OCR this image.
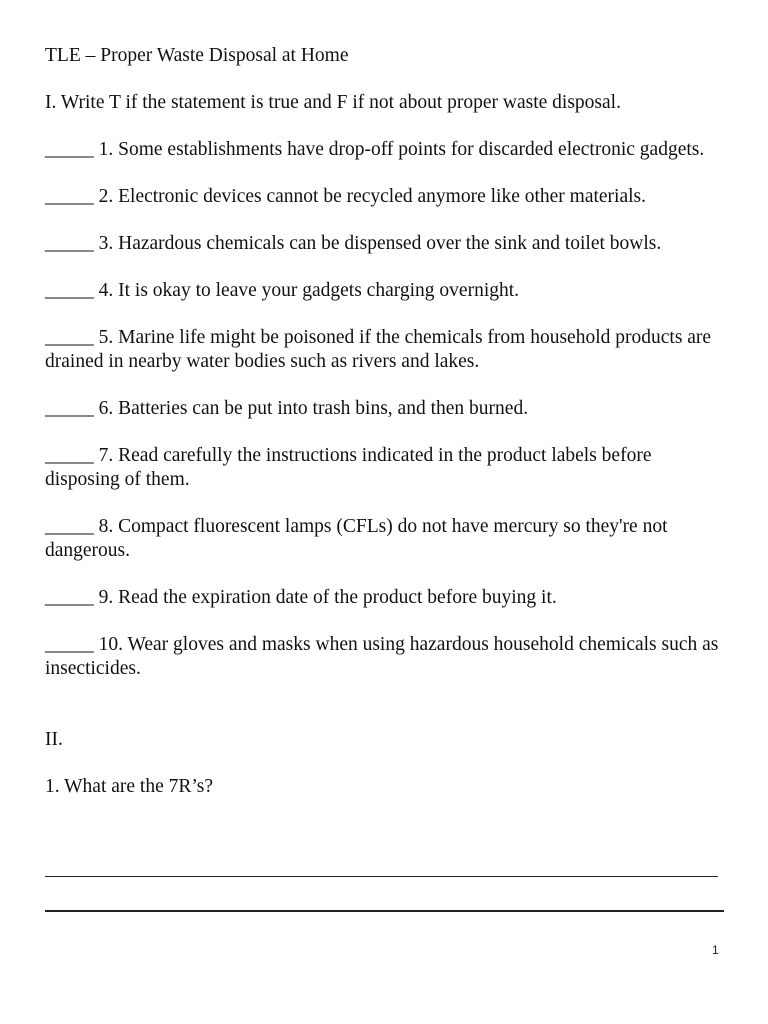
TLE – Proper Waste Disposal at Home

I. Write T if the statement is true and F if not about proper waste disposal.

_____ 1. Some establishments have drop-off points for discarded electronic gadgets.

_____ 2. Electronic devices cannot be recycled anymore like other materials.

_____ 3. Hazardous chemicals can be dispensed over the sink and toilet bowls.

_____ 4. It is okay to leave your gadgets charging overnight.

_____ 5. Marine life might be poisoned if the chemicals from household products are drained in nearby water bodies such as rivers and lakes.

_____ 6. Batteries can be put into trash bins, and then burned.

_____ 7. Read carefully the instructions indicated in the product labels before disposing of them.

_____ 8. Compact fluorescent lamps (CFLs) do not have mercury so they're not dangerous.

_____ 9. Read the expiration date of the product before buying it.

_____ 10. Wear gloves and masks when using hazardous household chemicals such as insecticides.

II.

1. What are the 7R’s?

1
